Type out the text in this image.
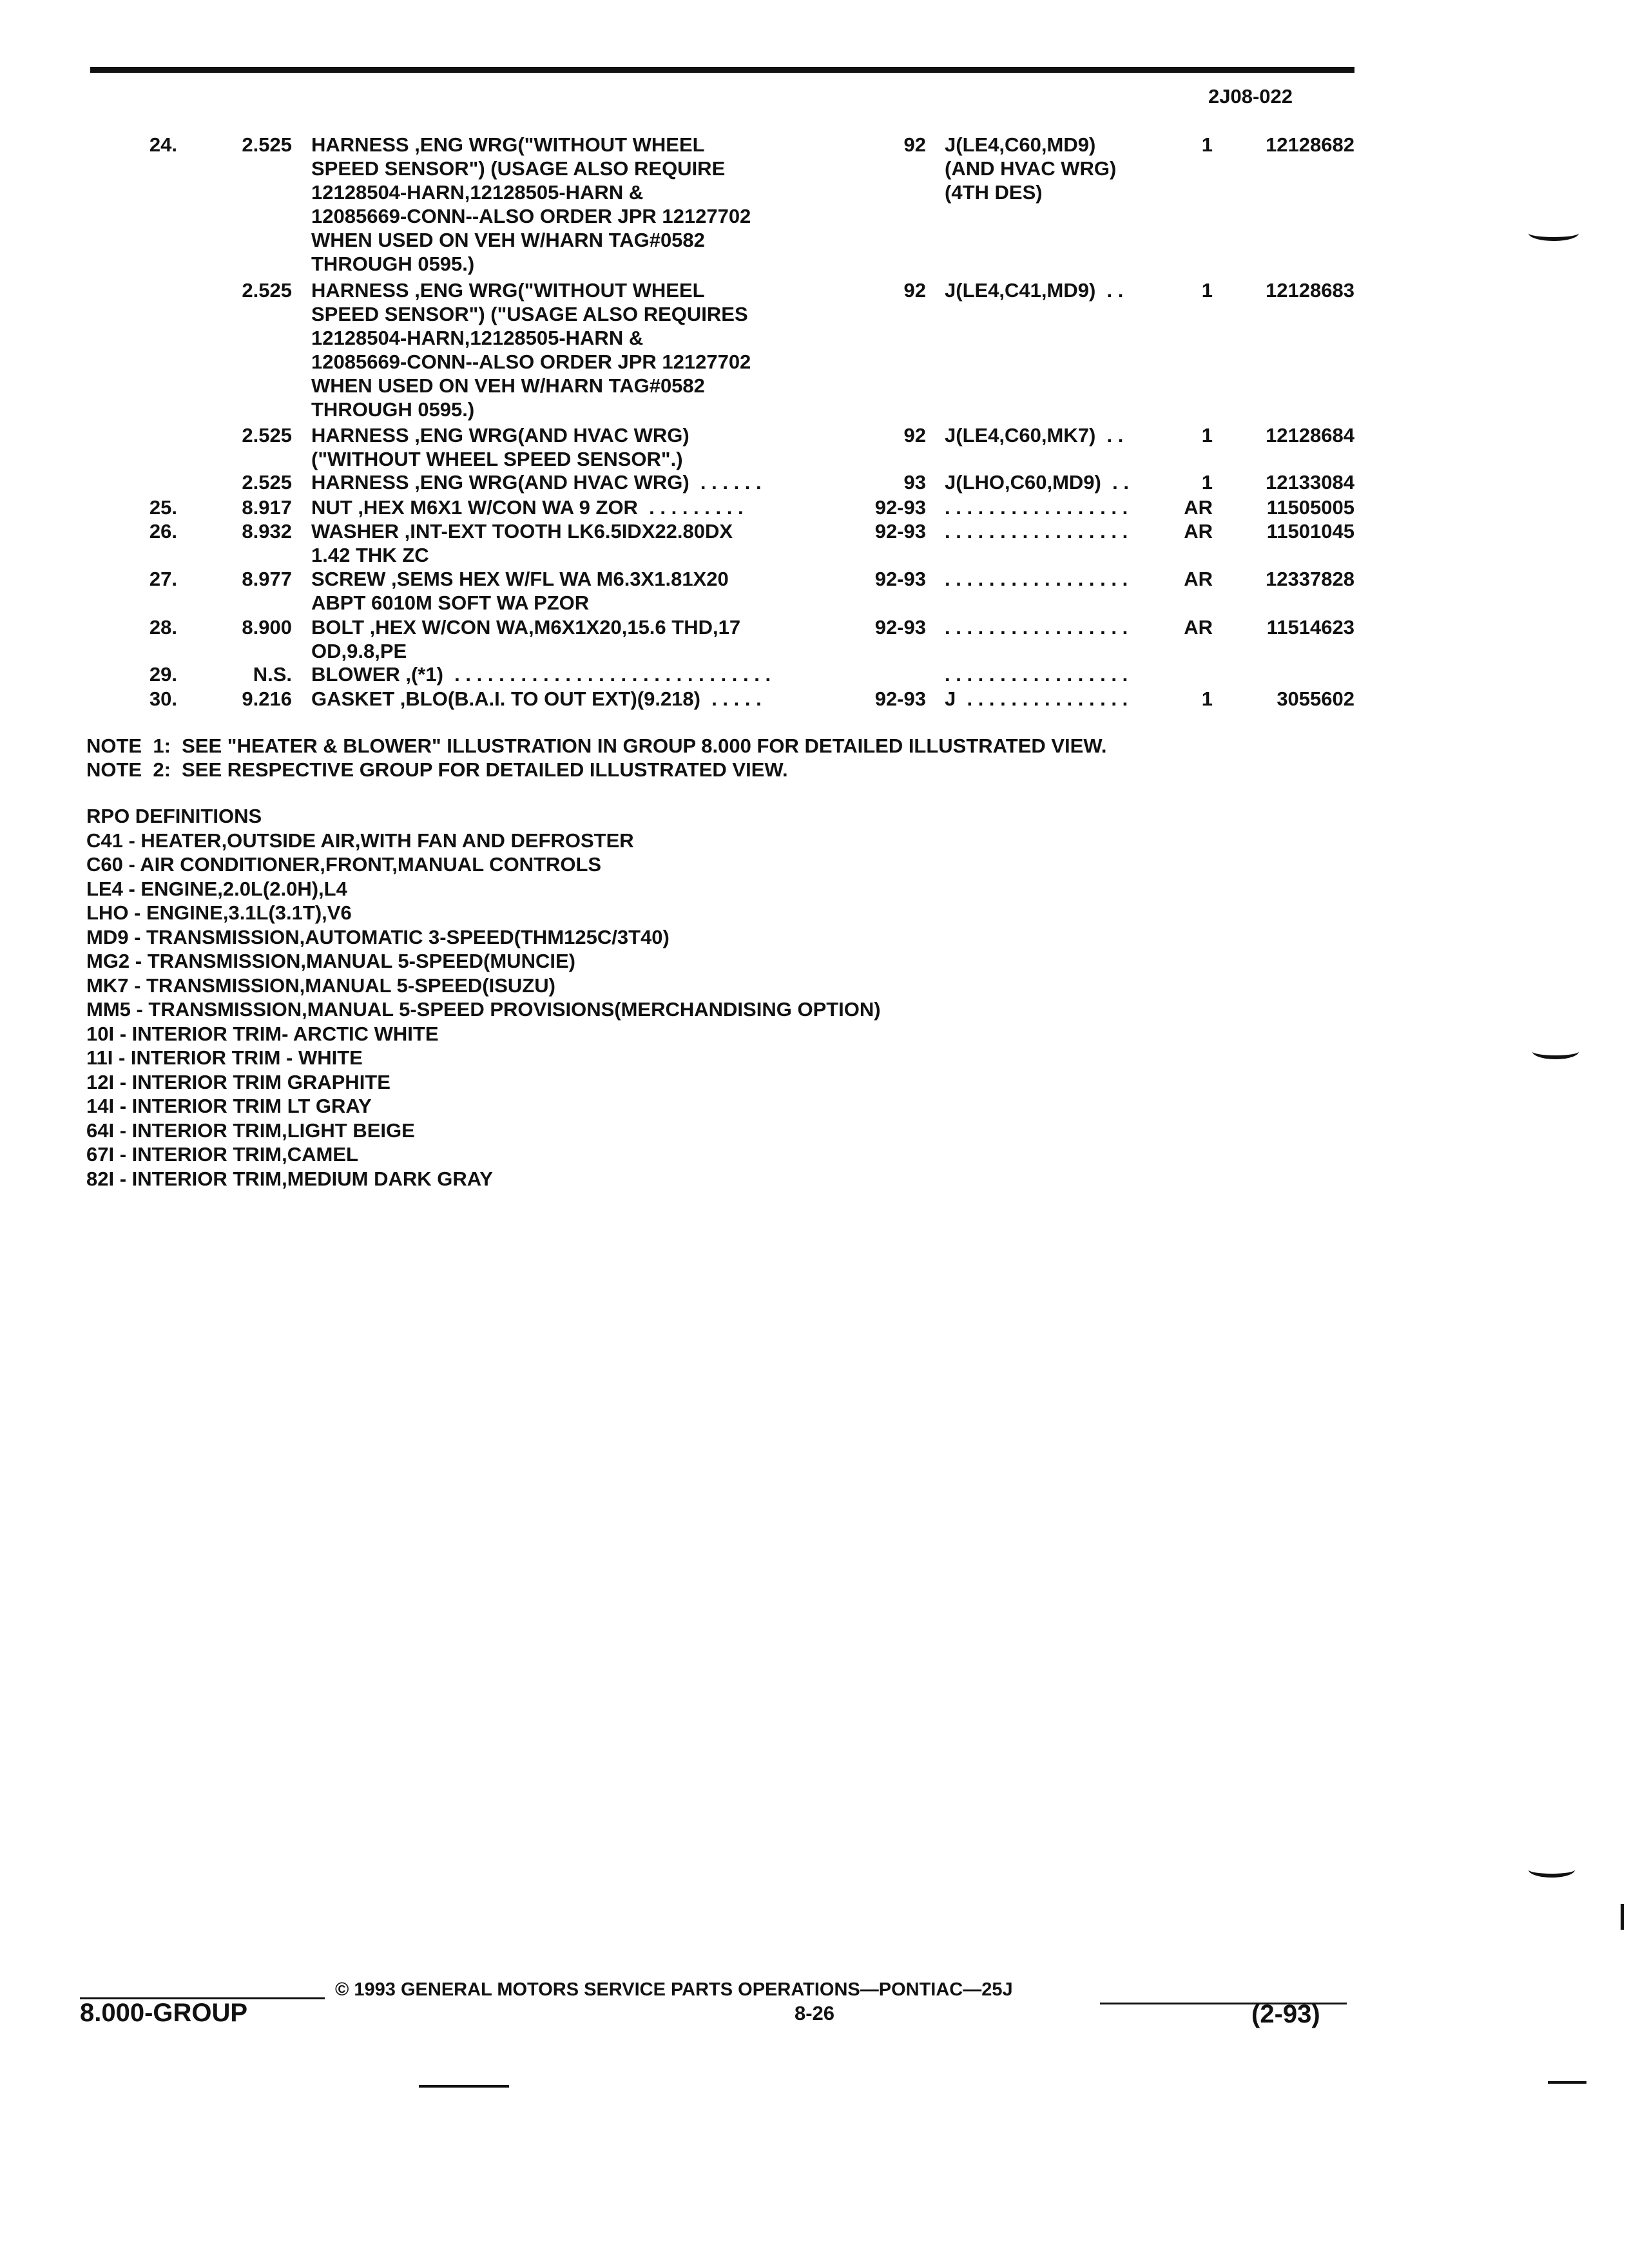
2J08-022
24.	2.525 HARNESS ,ENG WRG("WITHOUT WHEEL
SPEED SENSOR") (USAGE ALSO REQUIRE
12128504-HARN,12128505-HARN &
12085669-CONN--ALSO ORDER JPR 12127702
WHEN USED ON VEH W/HARN TAG#0582
THROUGH 0595.)
92 J(LE4,C60,MD9)
(AND HVAC WRG)
(4TH DES)
1	12128682
2.525 HARNESS ,ENG WRG("WITHOUT WHEEL
SPEED SENSOR") ("USAGE ALSO REQUIRES
12128504-HARN,12128505-HARN &
12085669-CONN--ALSO ORDER JPR 12127702
WHEN USED ON VEH W/HARN TAG#0582
THROUGH 0595.)
92 J(LE4,C41,MD9)  . .	1	12128683
2.525 HARNESS ,ENG WRG(AND HVAC WRG)
("WITHOUT WHEEL SPEED SENSOR".)
92 J(LE4,C60,MK7)  . .	1	12128684
2.525 HARNESS ,ENG WRG(AND HVAC WRG)  . . . . . .	93 J(LHO,C60,MD9)  . .	1	12133084
25.	8.917 NUT ,HEX M6X1 W/CON WA 9 ZOR  . . . . . . . . .	92-93 . . . . . . . . . . . . . . . . .	AR	11505005
26.	8.932 WASHER ,INT-EXT TOOTH LK6.5IDX22.80DX
1.42 THK ZC
92-93 . . . . . . . . . . . . . . . . .	AR	11501045
27.	8.977 SCREW ,SEMS HEX W/FL WA M6.3X1.81X20
ABPT 6010M SOFT WA PZOR
92-93 . . . . . . . . . . . . . . . . .	AR	12337828
28.	8.900 BOLT ,HEX W/CON WA,M6X1X20,15.6 THD,17
OD,9.8,PE
92-93 . . . . . . . . . . . . . . . . .	AR	11514623
29.	N.S. BLOWER ,(*1)  . . . . . . . . . . . . . . . . . . . . . . . . . . . . .	. . . . . . . . . . . . . . . . .
30.	9.216 GASKET ,BLO(B.A.I. TO OUT EXT)(9.218)  . . . . .	92-93 J  . . . . . . . . . . . . . . .	1	3055602
NOTE  1:  SEE "HEATER & BLOWER" ILLUSTRATION IN GROUP 8.000 FOR DETAILED ILLUSTRATED VIEW.
NOTE  2:  SEE RESPECTIVE GROUP FOR DETAILED ILLUSTRATED VIEW.
RPO DEFINITIONS
C41 - HEATER,OUTSIDE AIR,WITH FAN AND DEFROSTER
C60 - AIR CONDITIONER,FRONT,MANUAL CONTROLS
LE4 - ENGINE,2.0L(2.0H),L4
LHO - ENGINE,3.1L(3.1T),V6
MD9 - TRANSMISSION,AUTOMATIC 3-SPEED(THM125C/3T40)
MG2 - TRANSMISSION,MANUAL 5-SPEED(MUNCIE)
MK7 - TRANSMISSION,MANUAL 5-SPEED(ISUZU)
MM5 - TRANSMISSION,MANUAL 5-SPEED PROVISIONS(MERCHANDISING OPTION)
10I - INTERIOR TRIM- ARCTIC WHITE
11I - INTERIOR TRIM - WHITE
12I - INTERIOR TRIM GRAPHITE
14I - INTERIOR TRIM LT GRAY
64I - INTERIOR TRIM,LIGHT BEIGE
67I - INTERIOR TRIM,CAMEL
82I - INTERIOR TRIM,MEDIUM DARK GRAY
© 1993 GENERAL MOTORS SERVICE PARTS OPERATIONS—PONTIAC—25J
8.000-GROUP	8-26	(2-93)
